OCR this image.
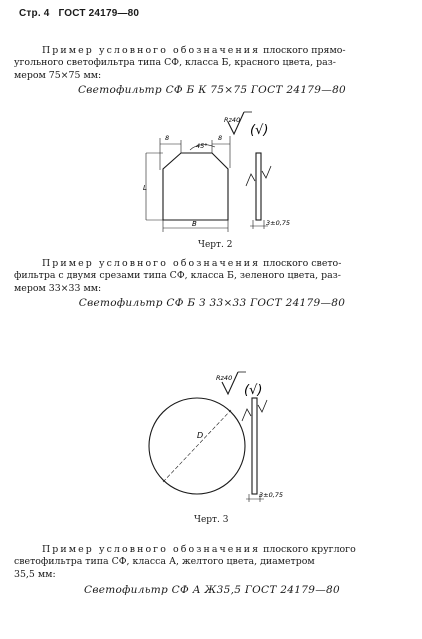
Стр. 4 ГОСТ 24179—80
Пример условного обозначения плоского прямо-
угольного светофильтра типа СФ, класса Б, красного цвета, раз-
мером 75×75 мм:
Светофильтр СФ Б К 75×75 ГОСТ 24179—80
8	8
45°
L
B
Rz40
(√)
3±0,75
Черт. 2
Пример условного обозначения плоского свето-
фильтра с двумя срезами типа СФ, класса Б, зеленого цвета, раз-
мером 33×33 мм:
Светофильтр СФ Б З 33×33 ГОСТ 24179—80
D
Rz40
(√)
3±0,75
Черт. 3
Пример условного обозначения плоского круглого
светофильтра типа СФ, класса А, желтого цвета, диаметром
35,5 мм:
Светофильтр СФ А Ж35,5 ГОСТ 24179—80
